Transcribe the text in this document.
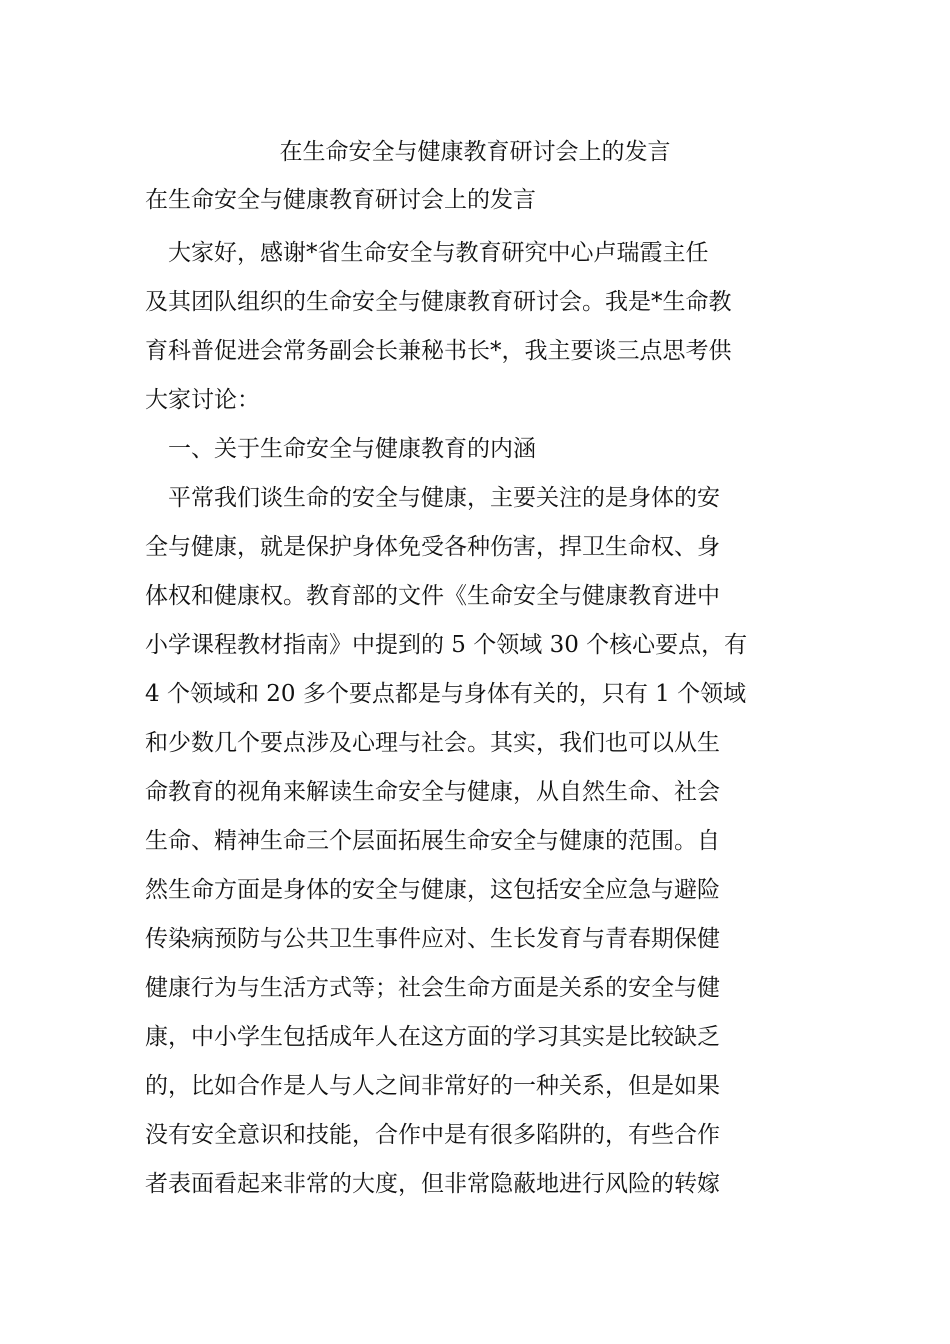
在生命安全与健康教育研讨会上的发言
在生命安全与健康教育研讨会上的发言
　大家好，感谢*省生命安全与教育研究中心卢瑞霞主任
及其团队组织的生命安全与健康教育研讨会。我是*生命教
育科普促进会常务副会长兼秘书长*，我主要谈三点思考供
大家讨论：
　一、关于生命安全与健康教育的内涵
　平常我们谈生命的安全与健康，主要关注的是身体的安
全与健康，就是保护身体免受各种伤害，捍卫生命权、身
体权和健康权。教育部的文件《生命安全与健康教育进中
小学课程教材指南》中提到的 5 个领域 30 个核心要点，有
4 个领域和 20 多个要点都是与身体有关的，只有 1 个领域
和少数几个要点涉及心理与社会。其实，我们也可以从生
命教育的视角来解读生命安全与健康，从自然生命、社会
生命、精神生命三个层面拓展生命安全与健康的范围。自
然生命方面是身体的安全与健康，这包括安全应急与避险
传染病预防与公共卫生事件应对、生长发育与青春期保健
健康行为与生活方式等；社会生命方面是关系的安全与健
康，中小学生包括成年人在这方面的学习其实是比较缺乏
的，比如合作是人与人之间非常好的一种关系，但是如果
没有安全意识和技能，合作中是有很多陷阱的，有些合作
者表面看起来非常的大度，但非常隐蔽地进行风险的转嫁
